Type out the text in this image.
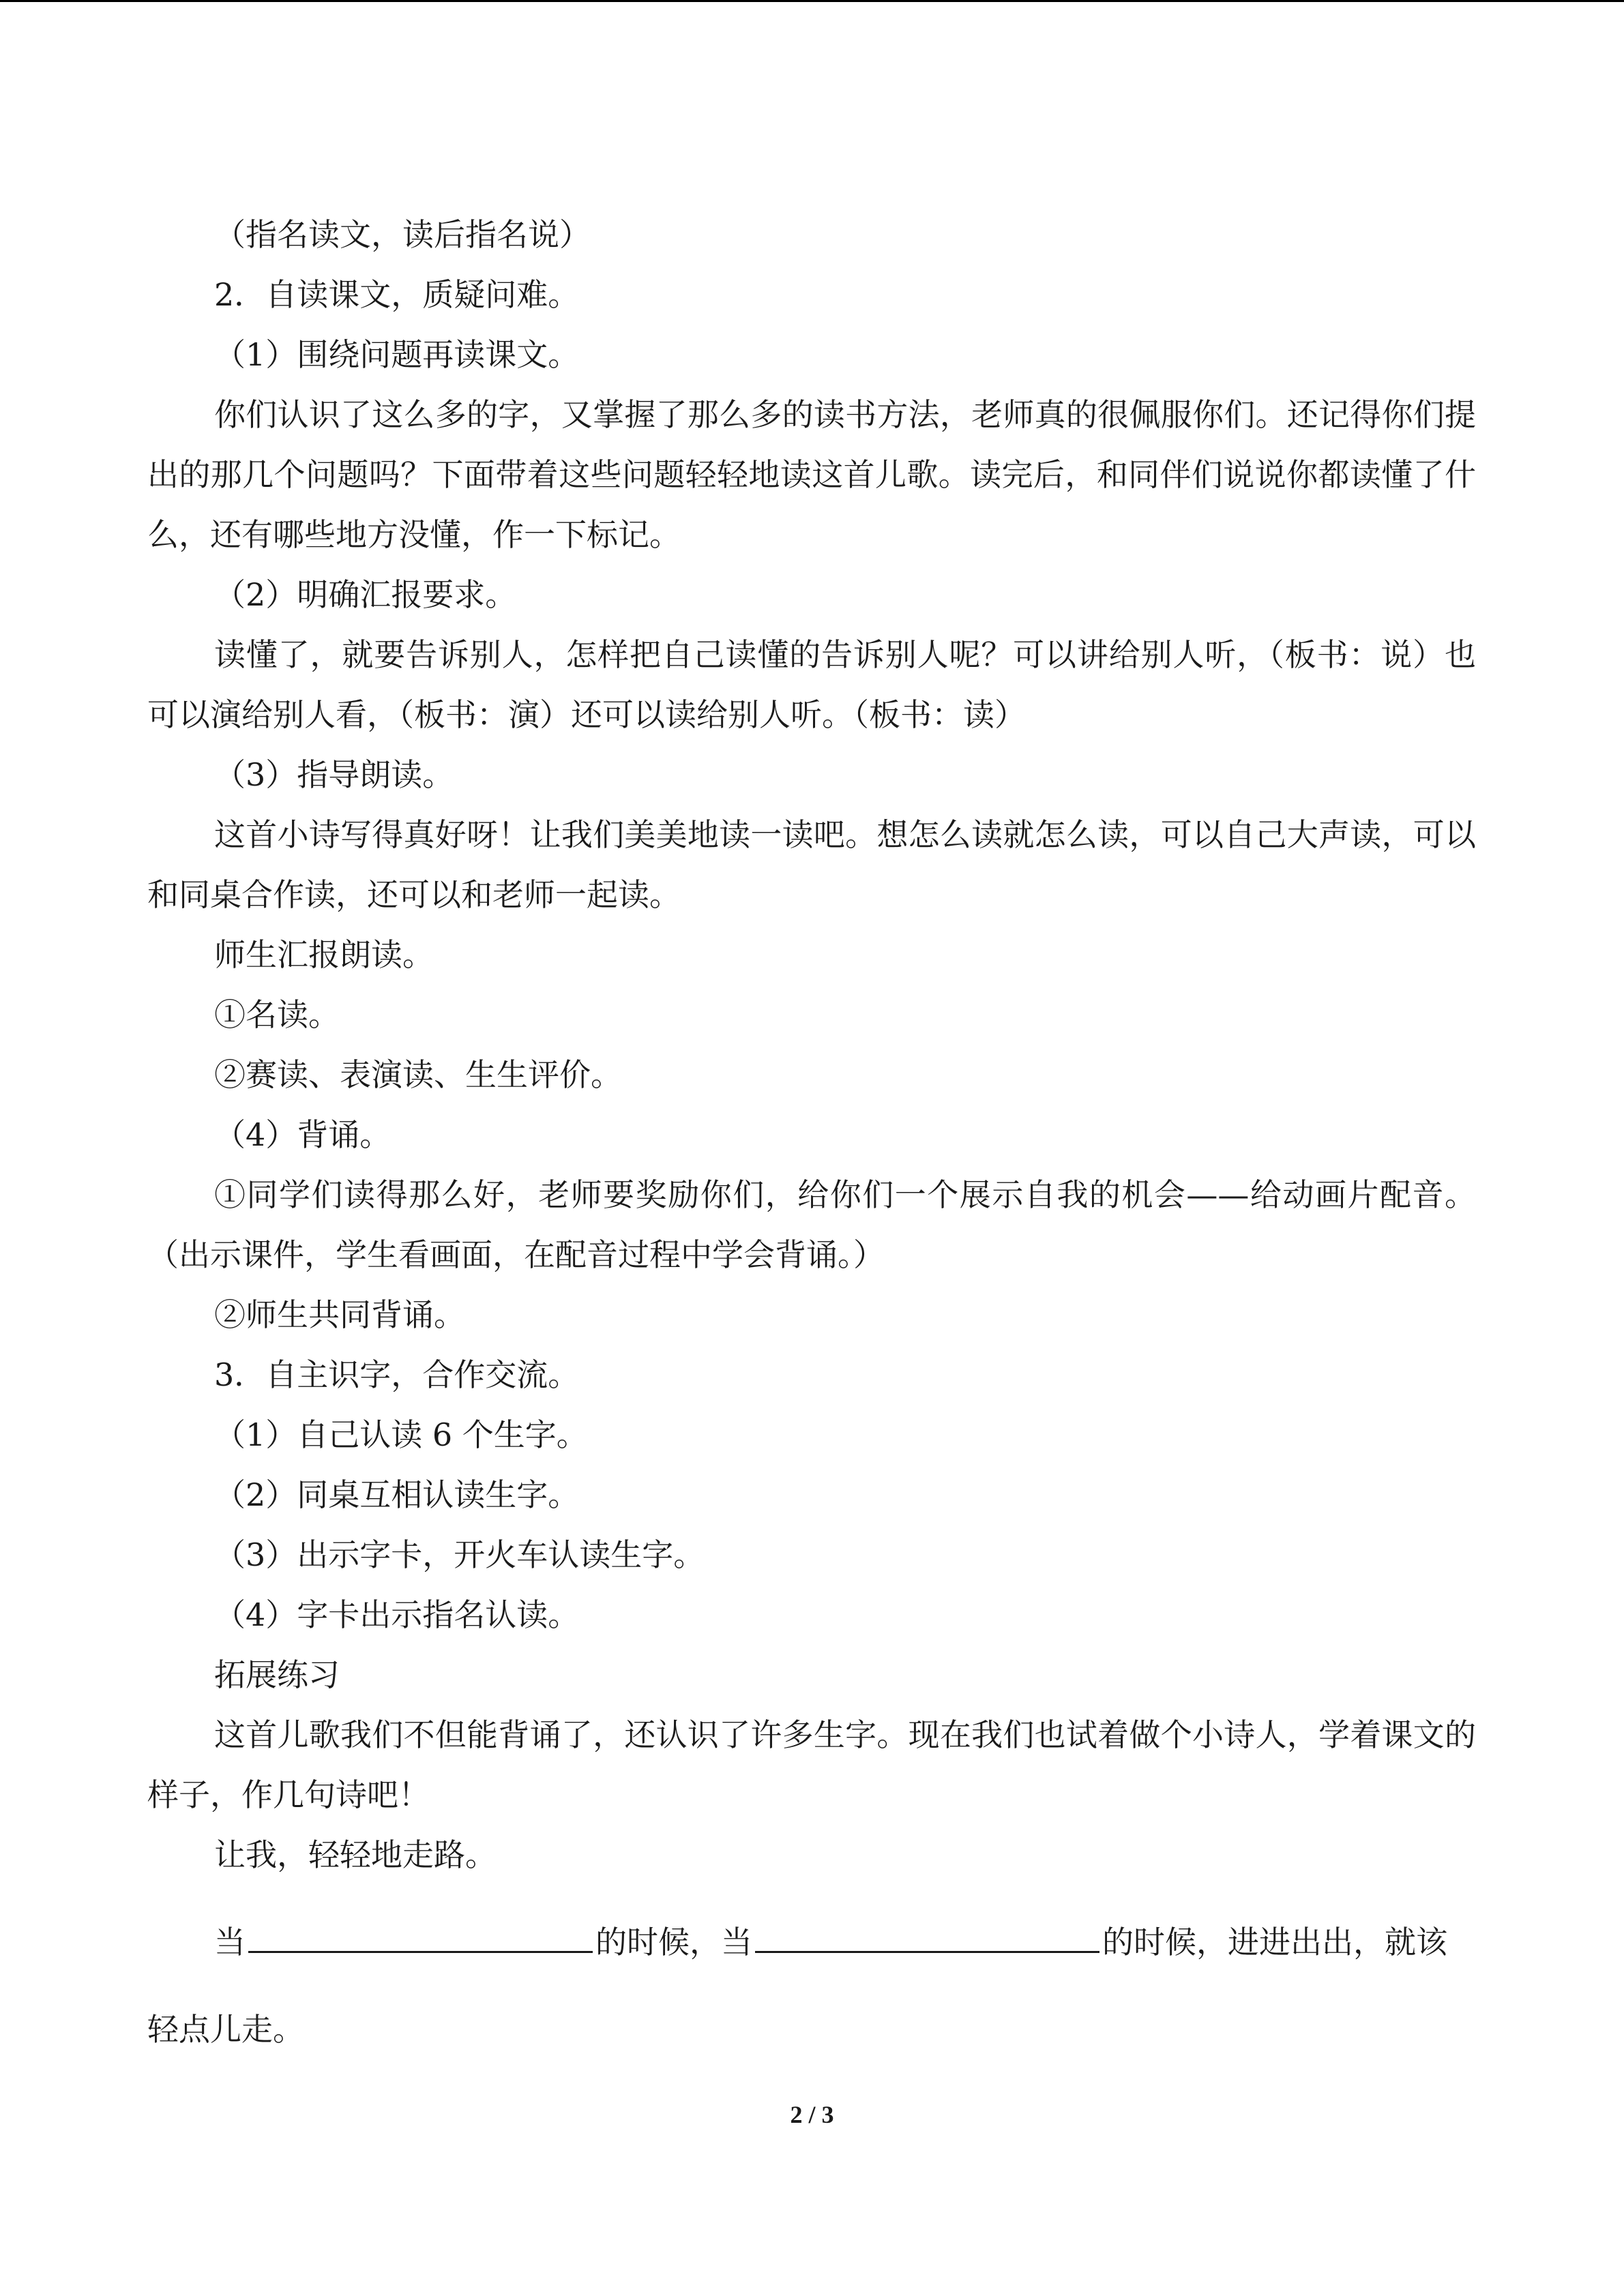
（指名读文，读后指名说）

2．自读课文，质疑问难。

（1）围绕问题再读课文。

你们认识了这么多的字，又掌握了那么多的读书方法，老师真的很佩服你们。还记得你们提出的那几个问题吗？下面带着这些问题轻轻地读这首儿歌。读完后，和同伴们说说你都读懂了什么，还有哪些地方没懂，作一下标记。

（2）明确汇报要求。

读懂了，就要告诉别人，怎样把自己读懂的告诉别人呢？可以讲给别人听，（板书：说）也可以演给别人看，（板书：演）还可以读给别人听。（板书：读）

（3）指导朗读。

这首小诗写得真好呀！让我们美美地读一读吧。想怎么读就怎么读，可以自己大声读，可以和同桌合作读，还可以和老师一起读。

师生汇报朗读。

①名读。

②赛读、表演读、生生评价。

（4）背诵。

①同学们读得那么好，老师要奖励你们，给你们一个展示自我的机会——给动画片配音。（出示课件，学生看画面，在配音过程中学会背诵。）

②师生共同背诵。

3．自主识字，合作交流。

（1）自己认读 6 个生字。

（2）同桌互相认读生字。

（3）出示字卡，开火车认读生字。

（4）字卡出示指名认读。

拓展练习

这首儿歌我们不但能背诵了，还认识了许多生字。现在我们也试着做个小诗人，学着课文的样子，作几句诗吧！

让我，轻轻地走路。

当	的时候，当	的时候，进进出出，就该
轻点儿走。
2 / 3
